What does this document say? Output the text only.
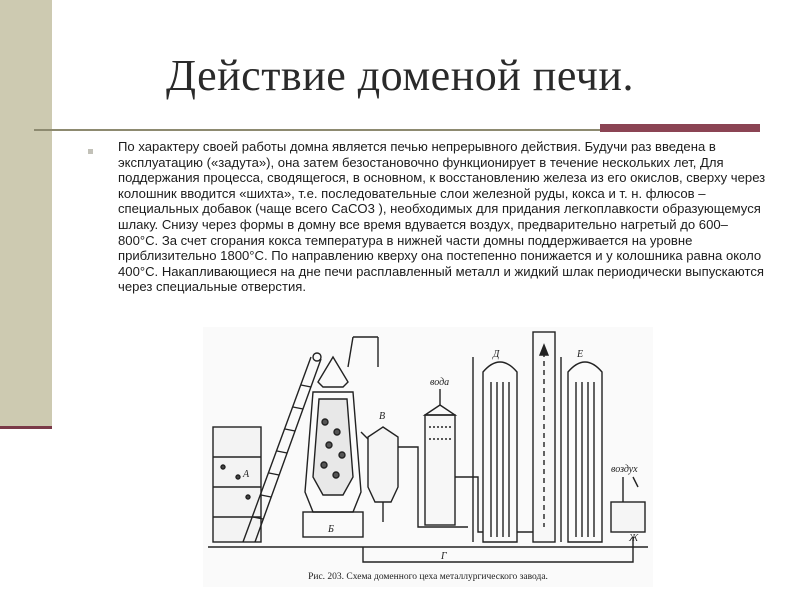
Действие доменой печи.
По характеру своей работы домна является печью непрерывного действия. Будучи раз введена в эксплуатацию («задута»), она затем безостановочно функционирует в течение нескольких лет, Для поддержания процесса, сводящегося, в основном, к восстановлению железа из его окислов, сверху через колошник вводится «шихта», т.е. последовательные слои железной руды, кокса и т. н. флюсов – специальных добавок (чаще всего CaCO3 ), необходимых для придания легкоплавкости образующемуся шлаку. Снизу через формы в домну все время вдувается воздух, предварительно нагретый до 600–800°С. За счет сгорания кокса температура в нижней части домны поддерживается на уровне приблизительно 1800°С. По направлению кверху она постепенно понижается и у колошника равна около 400°С. Накапливающиеся на дне печи расплавленный металл и жидкий шлак периодически выпускаются через специальные отверстия.
А
Б
В
Г
Д	Е
Ж
вода
воздух
Рис. 203. Схема доменного цеха металлургического завода.
